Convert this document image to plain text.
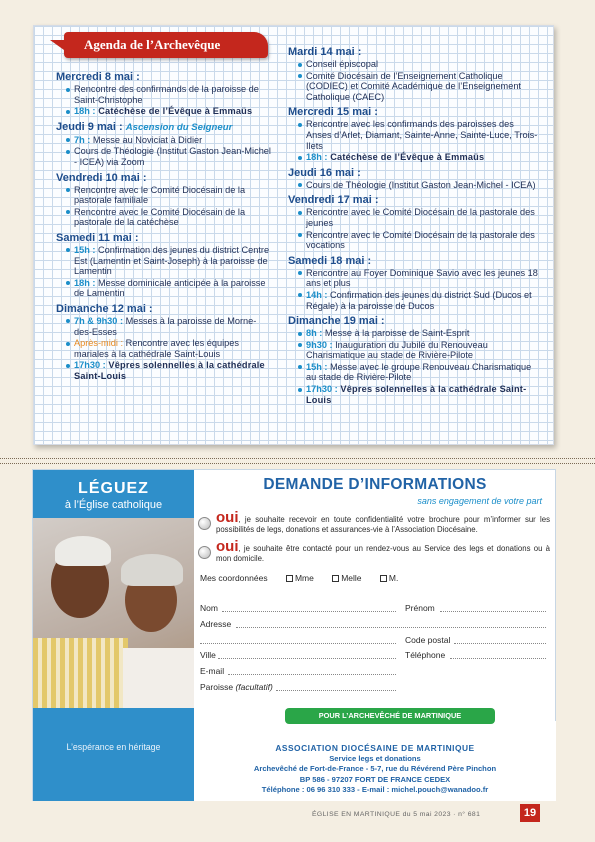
Agenda de l’Archevêque
Mercredi 8 mai :
Rencontre des confirmands de la paroisse de Saint-Christophe
18h : Catéchèse de l’Évêque à Emmaüs
Jeudi 9 mai : Ascension du Seigneur
7h : Messe au Noviciat à Didier
Cours de Théologie (Institut Gaston Jean-Michel - ICEA) via Zoom
Vendredi 10 mai :
Rencontre avec le Comité Diocésain de la pastorale familiale
Rencontre avec le Comité Diocésain de la pastorale de la catéchèse
Samedi 11 mai :
15h : Confirmation des jeunes du district Centre Est (Lamentin et Saint-Joseph) à la paroisse de Lamentin
18h : Messe dominicale anticipée à la paroisse de Lamentin
Dimanche 12 mai :
7h & 9h30 : Messes à la paroisse de Morne-des-Esses
Après-midi : Rencontre avec les équipes mariales à la cathédrale Saint-Louis
17h30 : Vêpres solennelles à la cathédrale Saint-Louis
Mardi 14 mai :
Conseil épiscopal
Comité Diocésain de l’Enseignement Catholique (CODIEC) et Comité Académique de l’Enseignement Catholique (CAEC)
Mercredi 15 mai :
Rencontre avec les confirmands des paroisses des Anses d’Arlet, Diamant, Sainte-Anne, Sainte-Luce, Trois-Ilets
18h : Catéchèse de l’Évêque à Emmaüs
Jeudi 16 mai :
Cours de Théologie (Institut Gaston Jean-Michel - ICEA)
Vendredi 17 mai :
Rencontre avec le Comité Diocésain de la pastorale des jeunes
Rencontre avec le Comité Diocésain de la pastorale des vocations
Samedi 18 mai :
Rencontre au Foyer Dominique Savio avec les jeunes 18 ans et plus
14h : Confirmation des jeunes du district Sud (Ducos et Régale) à la paroisse de Ducos
Dimanche 19 mai :
8h : Messe à la paroisse de Saint-Esprit
9h30 : Inauguration du Jubilé du Renouveau Charismatique au stade de Rivière-Pilote
15h : Messe avec le groupe Renouveau Charismatique au stade de Rivière-Pilote
17h30 : Vêpres solennelles à la cathédrale Saint-Louis
LÉGUEZ
à l’Église catholique
L’espérance en héritage
DEMANDE D’INFORMATIONS
sans engagement de votre part
oui, je souhaite recevoir en toute confidentialité votre brochure pour m’informer sur les possibilités de legs, donations et assurances-vie à l’Association Diocésaine.
oui, je souhaite être contacté pour un rendez-vous au Service des legs et donations ou à mon domicile.
Mes coordonnées	Mme	Melle	M.
Nom	Prénom
Adresse
Code postal
Ville	Téléphone
E-mail
Paroisse (facultatif)
ASSOCIATION DIOCÉSAINE DE MARTINIQUE
Service legs et donations
Archevêché de Fort-de-France - 5-7, rue du Révérend Père Pinchon
BP 586 - 97207 FORT DE FRANCE CEDEX
Téléphone : 06 96 310 333 - E-mail : michel.pouch@wanadoo.fr
POUR L’ARCHEVÊCHÉ DE MARTINIQUE
ÉGLISE EN MARTINIQUE du 5 mai 2023 · n° 681	19
